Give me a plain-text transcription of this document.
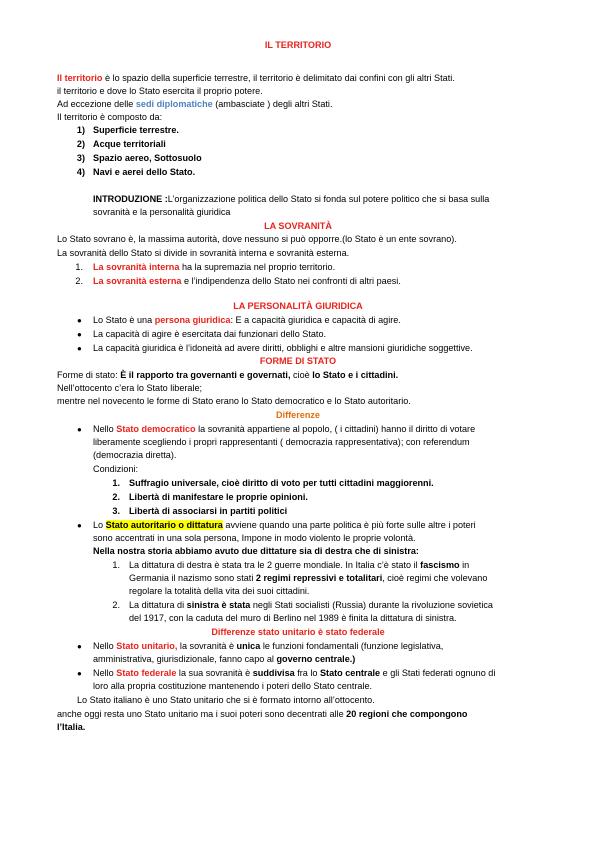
IL TERRITORIO
Il territorio è lo spazio della superficie terrestre, il territorio è delimitato dai confini con gli altri Stati.
il territorio e dove lo Stato esercita il proprio potere.
Ad eccezione delle sedi diplomatiche (ambasciate ) degli altri Stati.
Il territorio è composto da:
1) Superficie terrestre.
2) Acque territoriali
3) Spazio aereo, Sottosuolo
4) Navi e aerei dello Stato.
INTRODUZIONE :L’organizzazione politica dello Stato si fonda sul potere politico che si basa sulla
sovranità e la personalità giuridica
LA SOVRANITÀ
Lo Stato sovrano è, la massima autorità, dove nessuno si può opporre.(lo Stato è un ente sovrano).
La sovranità dello Stato si divide in sovranità interna e sovranità esterna.
1. La sovranità interna ha la supremazia nel proprio territorio.
2. La sovranità esterna e l’indipendenza dello Stato nei confronti di altri paesi.
LA PERSONALITÀ GIURIDICA
● Lo Stato è una persona giuridica: E a capacità giuridica e capacità di agire.
● La capacità di agire è esercitata dai funzionari dello Stato.
● La capacità giuridica è l’idoneità ad avere diritti, obblighi e altre mansioni giuridiche soggettive.
FORME DI STATO
Forme di stato: È il rapporto tra governanti e governati, cioè lo Stato e i cittadini.
Nell’ottocento c’era lo Stato liberale;
mentre nel novecento le forme di Stato erano lo Stato democratico e lo Stato autoritario.
Differenze
● Nello Stato democratico la sovranità appartiene al popolo, ( i cittadini) hanno il diritto di votare
liberamente scegliendo i propri rappresentanti ( democrazia rappresentativa); con referendum
(democrazia diretta).
Condizioni:
1. Suffragio universale, cioè diritto di voto per tutti cittadini maggiorenni.
2. Libertà di manifestare le proprie opinioni.
3. Libertà di associarsi in partiti politici
● Lo Stato autoritario o dittatura avviene quando una parte politica è più forte sulle altre i poteri
sono accentrati in una sola persona, Impone in modo violento le proprie volontà.
Nella nostra storia abbiamo avuto due dittature sia di destra che di sinistra:
1. La dittatura di destra è stata tra le 2 guerre mondiale. In Italia c’è stato il fascismo in
Germania il nazismo sono stati 2 regimi repressivi e totalitari, cioè regimi che volevano
regolare la totalità della vita dei suoi cittadini.
2. La dittatura di sinistra è stata negli Stati socialisti (Russia) durante la rivoluzione sovietica
del 1917, con la caduta del muro di Berlino nel 1989 è finita la dittatura di sinistra.
Differenze stato unitario è stato federale
● Nello Stato unitario, la sovranità è unica le funzioni fondamentali (funzione legislativa,
amministrativa, giurisdizionale, fanno capo al governo centrale.)
● Nello Stato federale la sua sovranità è suddivisa fra lo Stato centrale e gli Stati federati ognuno di
loro alla propria costituzione mantenendo i poteri dello Stato centrale.
Lo Stato italiano è uno Stato unitario che si è formato intorno all’ottocento.
anche oggi resta uno Stato unitario ma i suoi poteri sono decentrati alle 20 regioni che compongono
l’Italia.
